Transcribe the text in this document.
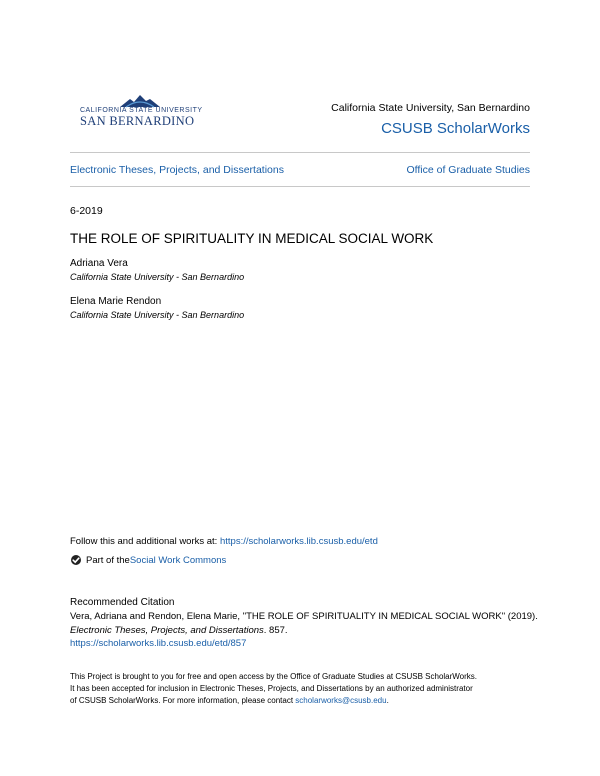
CALIFORNIA STATE UNIVERSITY
SAN BERNARDINO
California State University, San Bernardino
CSUSB ScholarWorks
Electronic Theses, Projects, and Dissertations	Office of Graduate Studies
6-2019
THE ROLE OF SPIRITUALITY IN MEDICAL SOCIAL WORK
Adriana Vera
California State University - San Bernardino
Elena Marie Rendon
California State University - San Bernardino
Follow this and additional works at: https://scholarworks.lib.csusb.edu/etd
Part of the Social Work Commons
Recommended Citation
Vera, Adriana and Rendon, Elena Marie, "THE ROLE OF SPIRITUALITY IN MEDICAL SOCIAL WORK" (2019).
Electronic Theses, Projects, and Dissertations. 857.
https://scholarworks.lib.csusb.edu/etd/857
This Project is brought to you for free and open access by the Office of Graduate Studies at CSUSB ScholarWorks.
It has been accepted for inclusion in Electronic Theses, Projects, and Dissertations by an authorized administrator
of CSUSB ScholarWorks. For more information, please contact scholarworks@csusb.edu.
